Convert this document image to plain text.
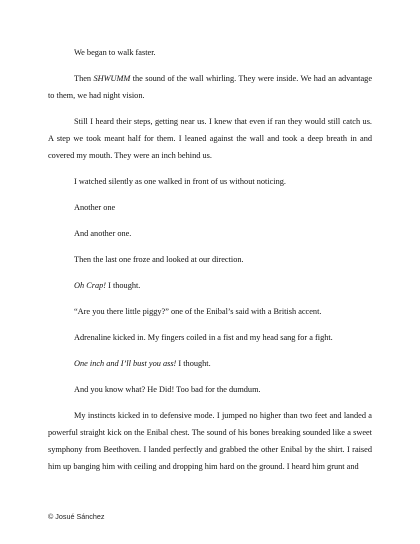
We began to walk faster.

Then SHWUMM the sound of the wall whirling. They were inside. We had an advantage to them, we had night vision.

Still I heard their steps, getting near us. I knew that even if ran they would still catch us. A step we took meant half for them. I leaned against the wall and took a deep breath in and covered my mouth. They were an inch behind us.

I watched silently as one walked in front of us without noticing.

Another one

And another one.

Then the last one froze and looked at our direction.

Oh Crap! I thought.

“Are you there little piggy?” one of the Enibal’s said with a British accent.

Adrenaline kicked in. My fingers coiled in a fist and my head sang for a fight.

One inch and I’ll bust you ass! I thought.

And you know what? He Did! Too bad for the dumdum.

My instincts kicked in to defensive mode. I jumped no higher than two feet and landed a powerful straight kick on the Enibal chest. The sound of his bones breaking sounded like a sweet symphony from Beethoven. I landed perfectly and grabbed the other Enibal by the shirt. I raised him up banging him with ceiling and dropping him hard on the ground. I heard him grunt and

© Josué Sánchez
